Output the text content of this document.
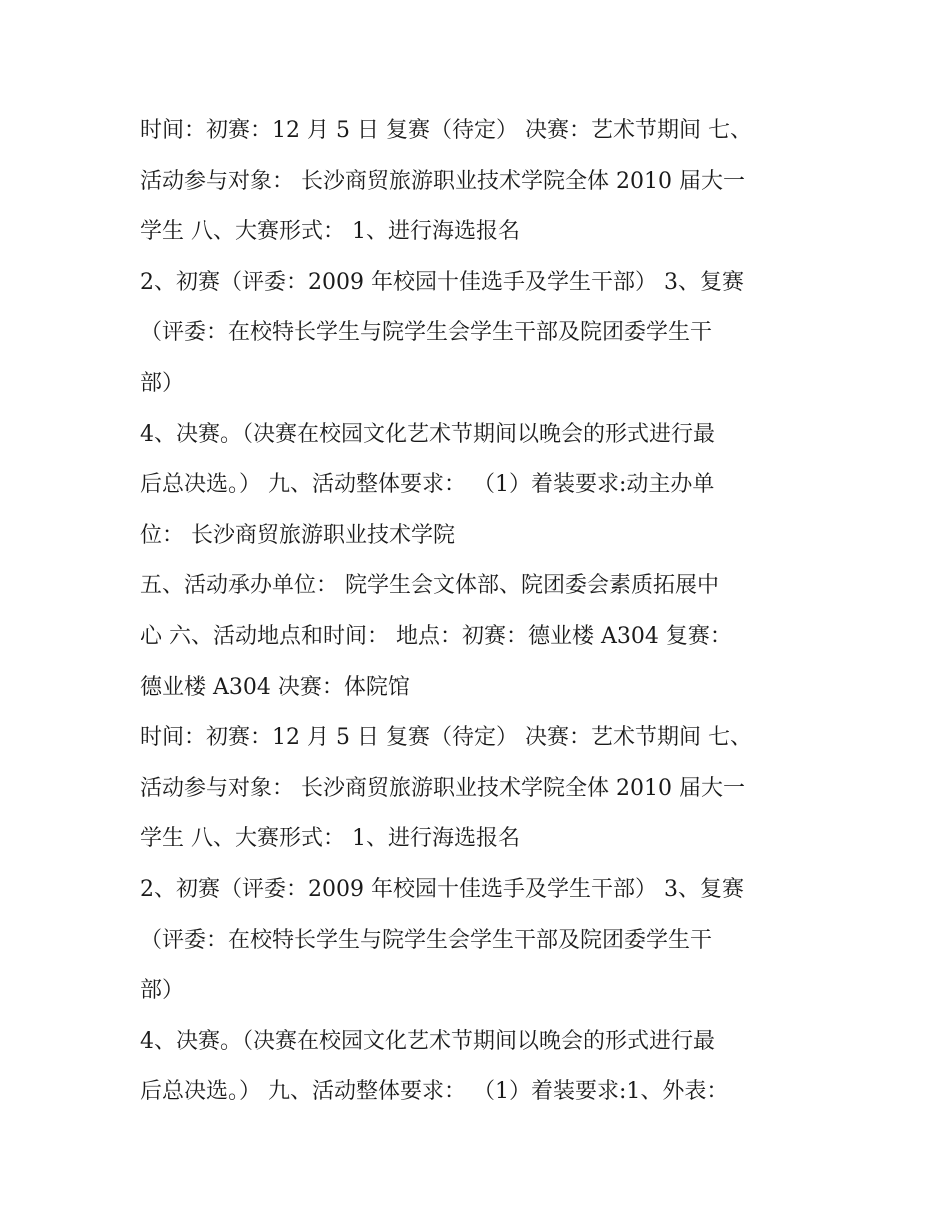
时间：初赛：12 月 5 日 复赛（待定） 决赛：艺术节期间 七、
活动参与对象： 长沙商贸旅游职业技术学院全体 2010 届大一
学生 八、大赛形式： 1、进行海选报名
2、初赛（评委：2009 年校园十佳选手及学生干部） 3、复赛
（评委：在校特长学生与院学生会学生干部及院团委学生干
部）
4、决赛。（决赛在校园文化艺术节期间以晚会的形式进行最
后总决选。） 九、活动整体要求： （1）着装要求:动主办单
位： 长沙商贸旅游职业技术学院
五、活动承办单位： 院学生会文体部、院团委会素质拓展中
心 六、活动地点和时间： 地点：初赛：德业楼 A304 复赛：
德业楼 A304 决赛：体院馆
时间：初赛：12 月 5 日 复赛（待定） 决赛：艺术节期间 七、
活动参与对象： 长沙商贸旅游职业技术学院全体 2010 届大一
学生 八、大赛形式： 1、进行海选报名
2、初赛（评委：2009 年校园十佳选手及学生干部） 3、复赛
（评委：在校特长学生与院学生会学生干部及院团委学生干
部）
4、决赛。（决赛在校园文化艺术节期间以晚会的形式进行最
后总决选。） 九、活动整体要求： （1）着装要求:1、外表：
